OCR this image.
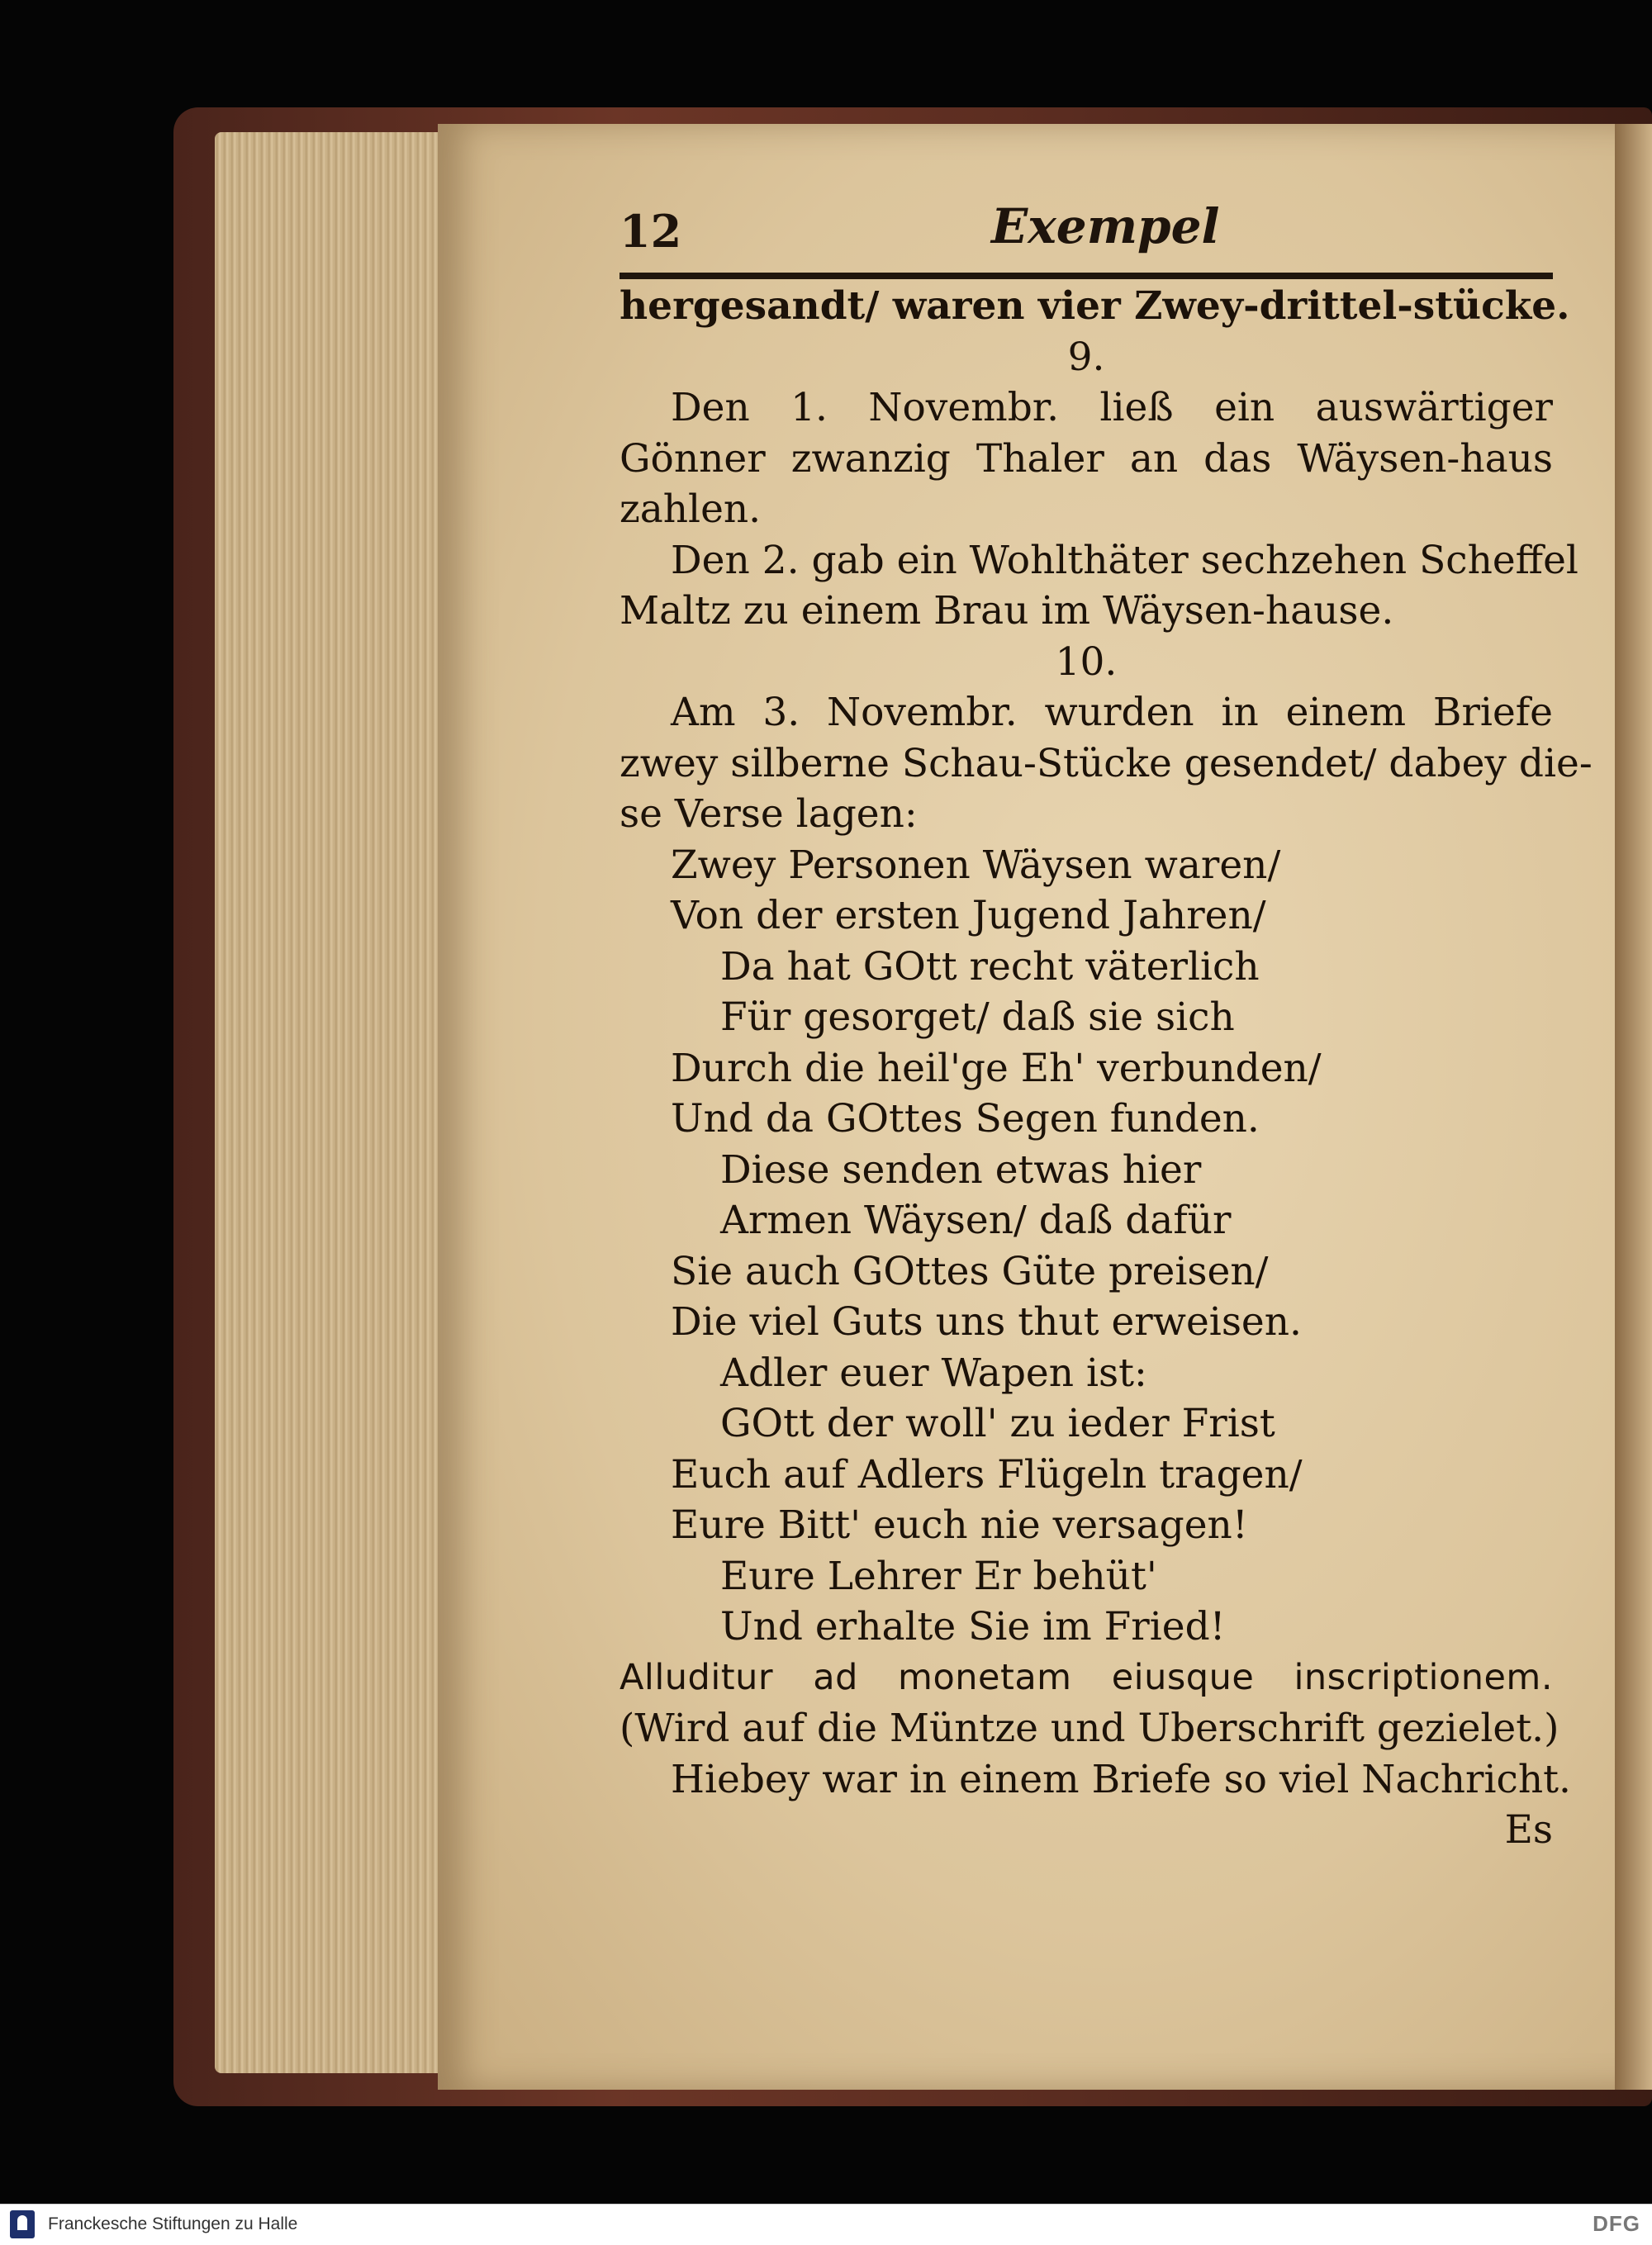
12	Exempel
hergesandt/ waren vier Zwey-drittel-stücke.
9.
Den 1. Novembr. ließ ein auswärtiger
Gönner zwanzig Thaler an das Wäysen-haus
zahlen.
Den 2. gab ein Wohlthäter sechzehen Scheffel
Maltz zu einem Brau im Wäysen-hause.
10.
Am 3. Novembr. wurden in einem Briefe
zwey silberne Schau-Stücke gesendet/ dabey die-
se Verse lagen:
Zwey Personen Wäysen waren/
Von der ersten Jugend Jahren/
Da hat GOtt recht väterlich
Für gesorget/ daß sie sich
Durch die heil'ge Eh' verbunden/
Und da GOttes Segen funden.
Diese senden etwas hier
Armen Wäysen/ daß dafür
Sie auch GOttes Güte preisen/
Die viel Guts uns thut erweisen.
Adler euer Wapen ist:
GOtt der woll' zu ieder Frist
Euch auf Adlers Flügeln tragen/
Eure Bitt' euch nie versagen!
Eure Lehrer Er behüt'
Und erhalte Sie im Fried!
Alluditur ad monetam eiusque inscriptionem.
(Wird auf die Müntze und Uberschrift gezielet.)
Hiebey war in einem Briefe so viel Nachricht.
Es
Franckesche Stiftungen zu Halle	DFG
